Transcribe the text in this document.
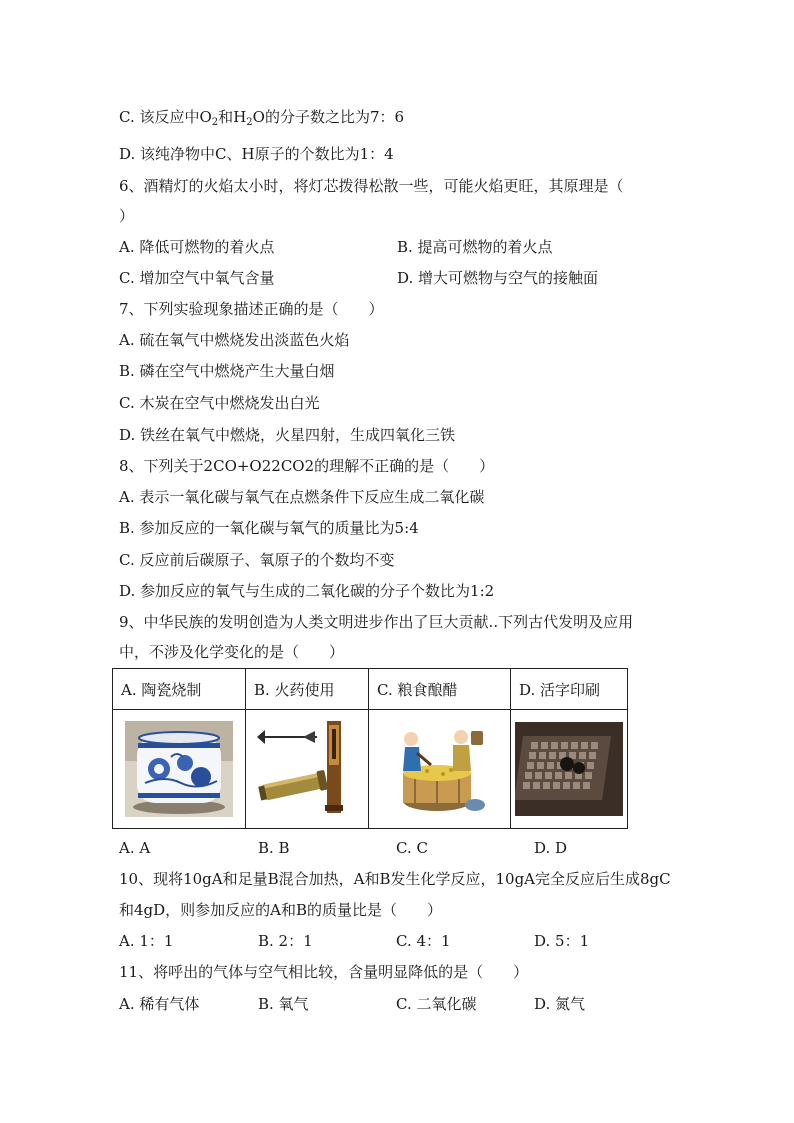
C. 该反应中$O_2$和$H_2O$的分子数之比为7：6
D. 该纯净物中C、H原子的个数比为1：4
6、酒精灯的火焰太小时，将灯芯拨得松散一些，可能火焰更旺，其原理是（
）
A. 降低可燃物的着火点	B. 提高可燃物的着火点
C. 增加空气中氧气含量	D. 增大可燃物与空气的接触面
7、下列实验现象描述正确的是（　　）
A. 硫在氧气中燃烧发出淡蓝色火焰
B. 磷在空气中燃烧产生大量白烟
C. 木炭在空气中燃烧发出白光
D. 铁丝在氧气中燃烧，火星四射，生成四氧化三铁
8、下列关于2CO+O22CO2的理解不正确的是（　　）
A. 表示一氧化碳与氧气在点燃条件下反应生成二氧化碳
B. 参加反应的一氧化碳与氧气的质量比为5:4
C. 反应前后碳原子、氧原子的个数均不变
D. 参加反应的氧气与生成的二氧化碳的分子个数比为1:2
9、中华民族的发明创造为人类文明进步作出了巨大贡献..下列古代发明及应用
中，不涉及化学变化的是（　　）
A. 陶瓷烧制	B. 火药使用	C. 粮食酿醋	D. 活字印刷

A. A	B. B	C. C	D. D
10、现将10gA和足量B混合加热，A和B发生化学反应，10gA完全反应后生成8gC
和4gD，则参加反应的A和B的质量比是（　　）
A. 1：1	B. 2：1	C. 4：1	D. 5：1
11、将呼出的气体与空气相比较，含量明显降低的是（　　）
A. 稀有气体	B. 氧气	C. 二氧化碳	D. 氮气
